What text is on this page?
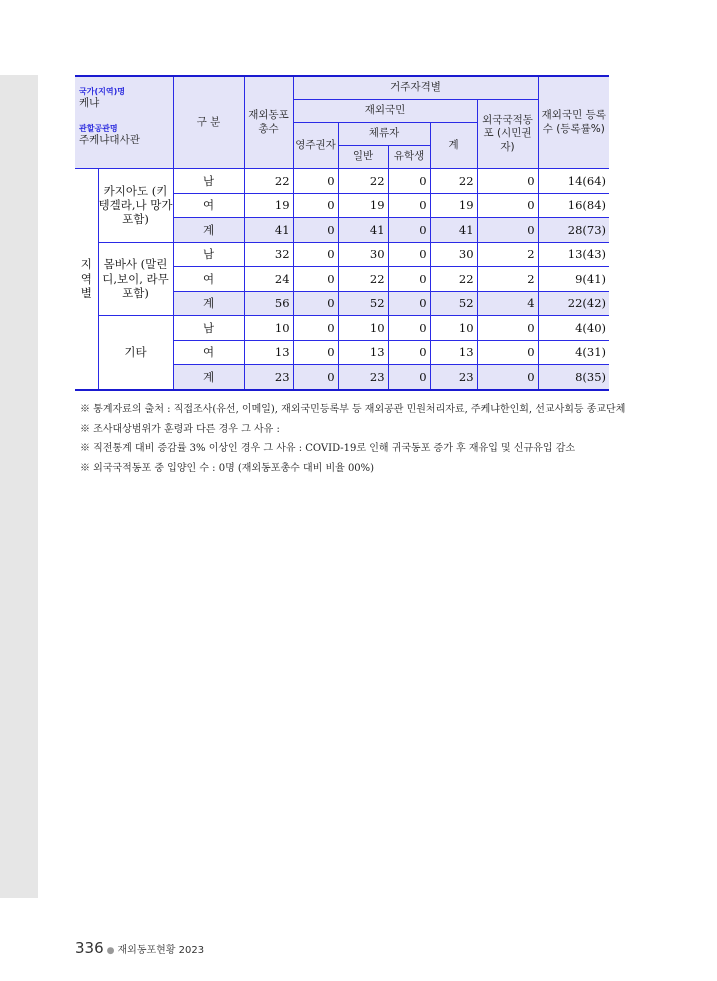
국가(지역)명
케냐
관할공관명
주케냐대사관		구 분	재외동포 총수	거주자격별					재외국민 등록수 (등록률%)
				재외국민				외국국적동포 (시민권자)	
				영주권자	체류자		계		
					일반	유학생			
지
역
별	카지아도 (키텡겔라,나 망가포함)	남	22	0	22	0	22	0	14(64)
		여	19	0	19	0	19	0	16(84)
		계	41	0	41	0	41	0	28(73)
	몸바사 (말린디,보이, 라무포함)	남	32	0	30	0	30	2	13(43)
		여	24	0	22	0	22	2	9(41)
		계	56	0	52	0	52	4	22(42)
	기타	남	10	0	10	0	10	0	4(40)
		여	13	0	13	0	13	0	4(31)
		계	23	0	23	0	23	0	8(35)
※ 통계자료의 출처 : 직접조사(유선, 이메일), 재외국민등록부 등 재외공관 민원처리자료, 주케냐한인회, 선교사회등 종교단체
※ 조사대상범위가 훈령과 다른 경우 그 사유 :
※ 직전통계 대비 증감률 3% 이상인 경우 그 사유 : COVID-19로 인해 귀국동포 증가 후 재유입 및 신규유입 감소
※ 외국국적동포 중 입양인 수 : 0명 (재외동포총수 대비 비율 00%)
336 ● 재외동포현황 2023
